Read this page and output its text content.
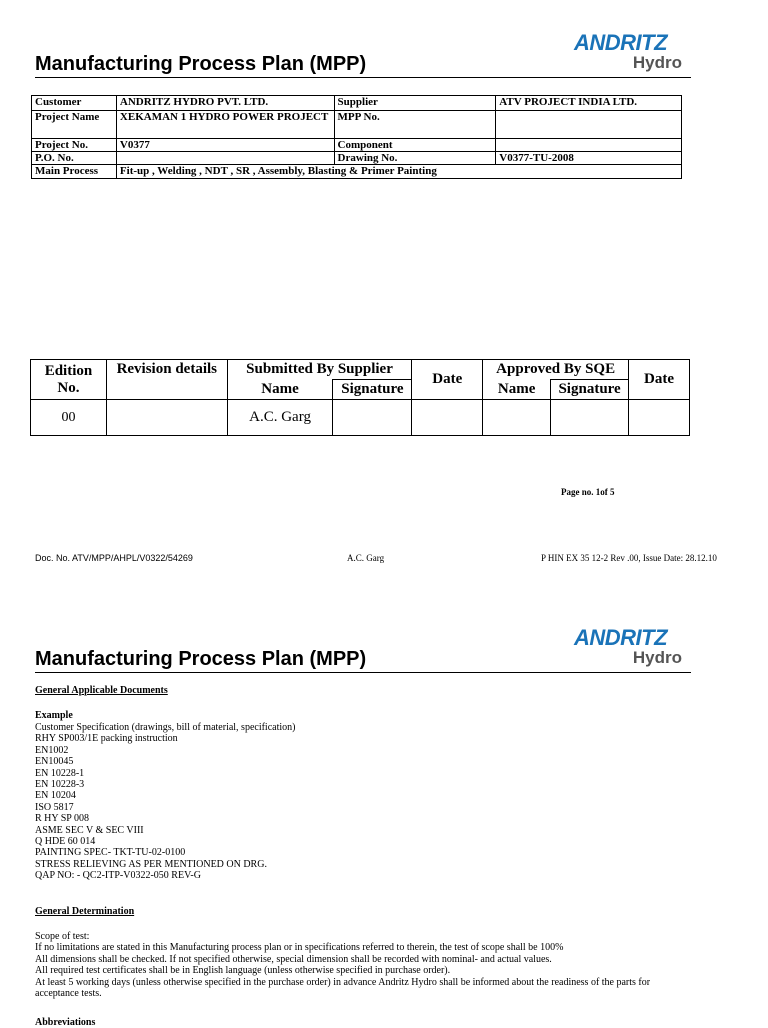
Manufacturing Process Plan (MPP)
ANDRITZ
Hydro
Customer	ANDRITZ HYDRO PVT. LTD.	Supplier	ATV PROJECT INDIA LTD.
Project Name	XEKAMAN 1 HYDRO POWER PROJECT	MPP No.	
Project No.	V0377	Component	
P.O. No.		Drawing No.	V0377-TU-2008
Main Process	Fit-up , Welding , NDT , SR , Assembly, Blasting & Primer Painting		
Edition No.	Revision details	Submitted By Supplier		Date	Approved By SQE		Date
		Name	Signature		Name	Signature	
00		A.C. Garg					
Page no. 1of 5
Doc. No. ATV/MPP/AHPL/V0322/54269	A.C. Garg	P HIN EX 35 12-2 Rev .00, Issue Date: 28.12.10
Manufacturing Process Plan (MPP)
ANDRITZ
Hydro
General Applicable Documents
Example
Customer Specification (drawings, bill of material, specification)
RHY SP003/1E packing instruction
EN1002
EN10045
EN 10228-1
EN 10228-3
EN 10204
ISO 5817
R HY SP 008
ASME SEC V & SEC VIII
Q HDE 60 014
PAINTING SPEC- TKT-TU-02-0100
STRESS RELIEVING AS PER MENTIONED ON DRG.
QAP NO: - QC2-ITP-V0322-050 REV-G
General Determination
Scope of test:
If no limitations are stated in this Manufacturing process plan or in specifications referred to therein, the test of scope shall be 100%
All dimensions shall be checked. If not specified otherwise, special dimension shall be recorded with nominal- and actual values.
All required test certificates shall be in English language (unless otherwise specified in purchase order).
At least 5 working days (unless otherwise specified in the purchase order) in advance Andritz Hydro shall be informed about the readiness of the parts for
acceptance tests.
Abbreviations
